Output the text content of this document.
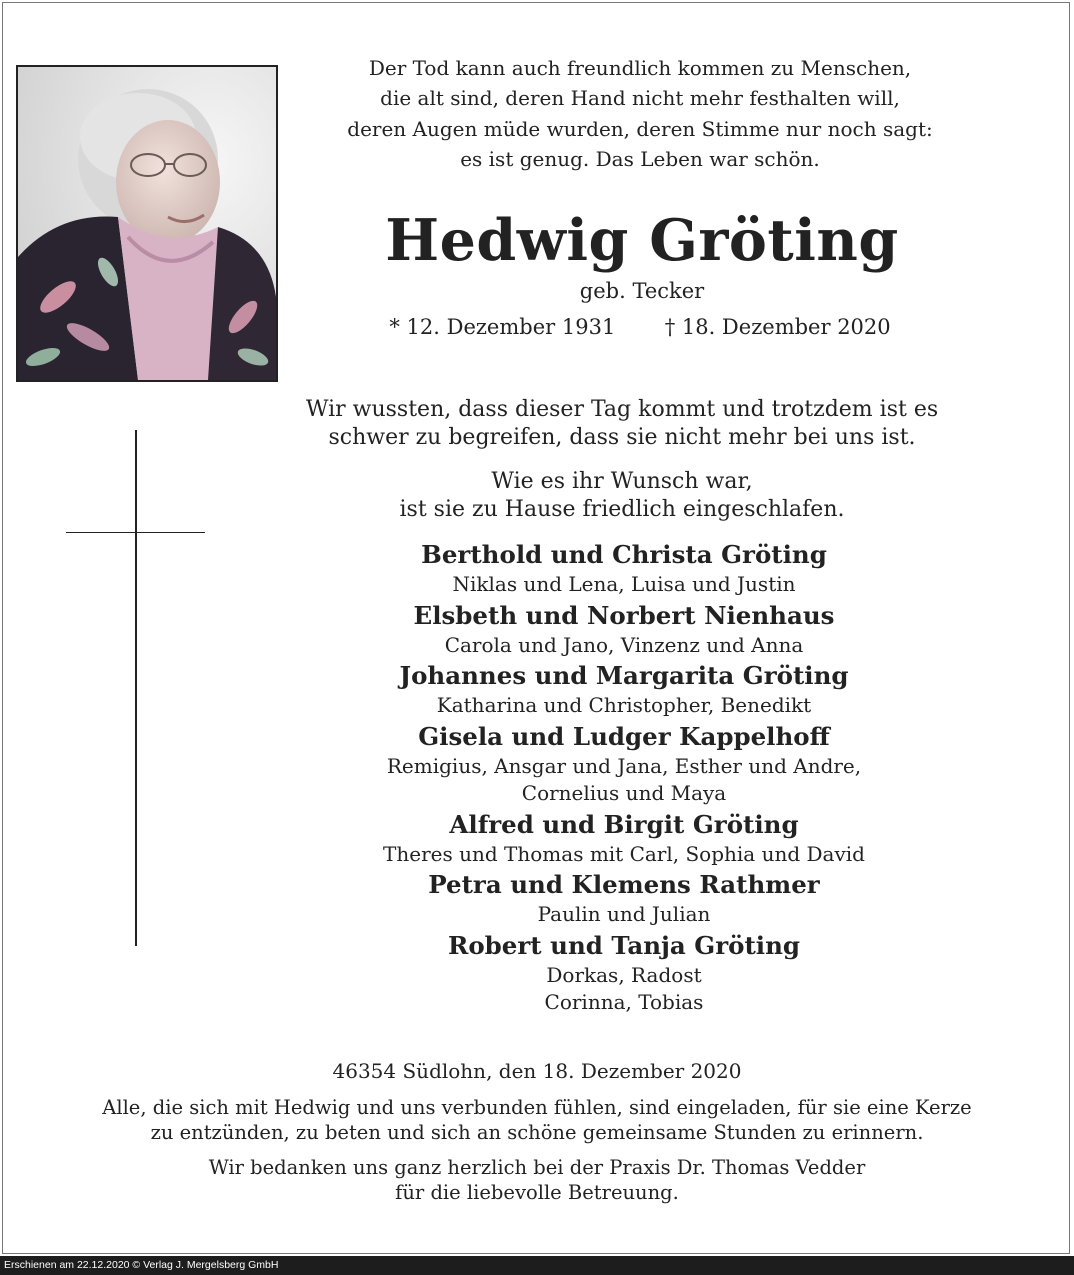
Der Tod kann auch freundlich kommen zu Menschen,
die alt sind, deren Hand nicht mehr festhalten will,
deren Augen müde wurden, deren Stimme nur noch sagt:
es ist genug. Das Leben war schön.
Hedwig Gröting
geb. Tecker
* 12. Dezember 1931 † 18. Dezember 2020
Wir wussten, dass dieser Tag kommt und trotzdem ist es
schwer zu begreifen, dass sie nicht mehr bei uns ist.
Wie es ihr Wunsch war,
ist sie zu Hause friedlich eingeschlafen.
Berthold und Christa Gröting
Niklas und Lena, Luisa und Justin
Elsbeth und Norbert Nienhaus
Carola und Jano, Vinzenz und Anna
Johannes und Margarita Gröting
Katharina und Christopher, Benedikt
Gisela und Ludger Kappelhoff
Remigius, Ansgar und Jana, Esther und Andre,
Cornelius und Maya
Alfred und Birgit Gröting
Theres und Thomas mit Carl, Sophia und David
Petra und Klemens Rathmer
Paulin und Julian
Robert und Tanja Gröting
Dorkas, Radost
Corinna, Tobias
46354 Südlohn, den 18. Dezember 2020
Alle, die sich mit Hedwig und uns verbunden fühlen, sind eingeladen, für sie eine Kerze
zu entzünden, zu beten und sich an schöne gemeinsame Stunden zu erinnern.
Wir bedanken uns ganz herzlich bei der Praxis Dr. Thomas Vedder
für die liebevolle Betreuung.
Erschienen am 22.12.2020 © Verlag J. Mergelsberg GmbH
